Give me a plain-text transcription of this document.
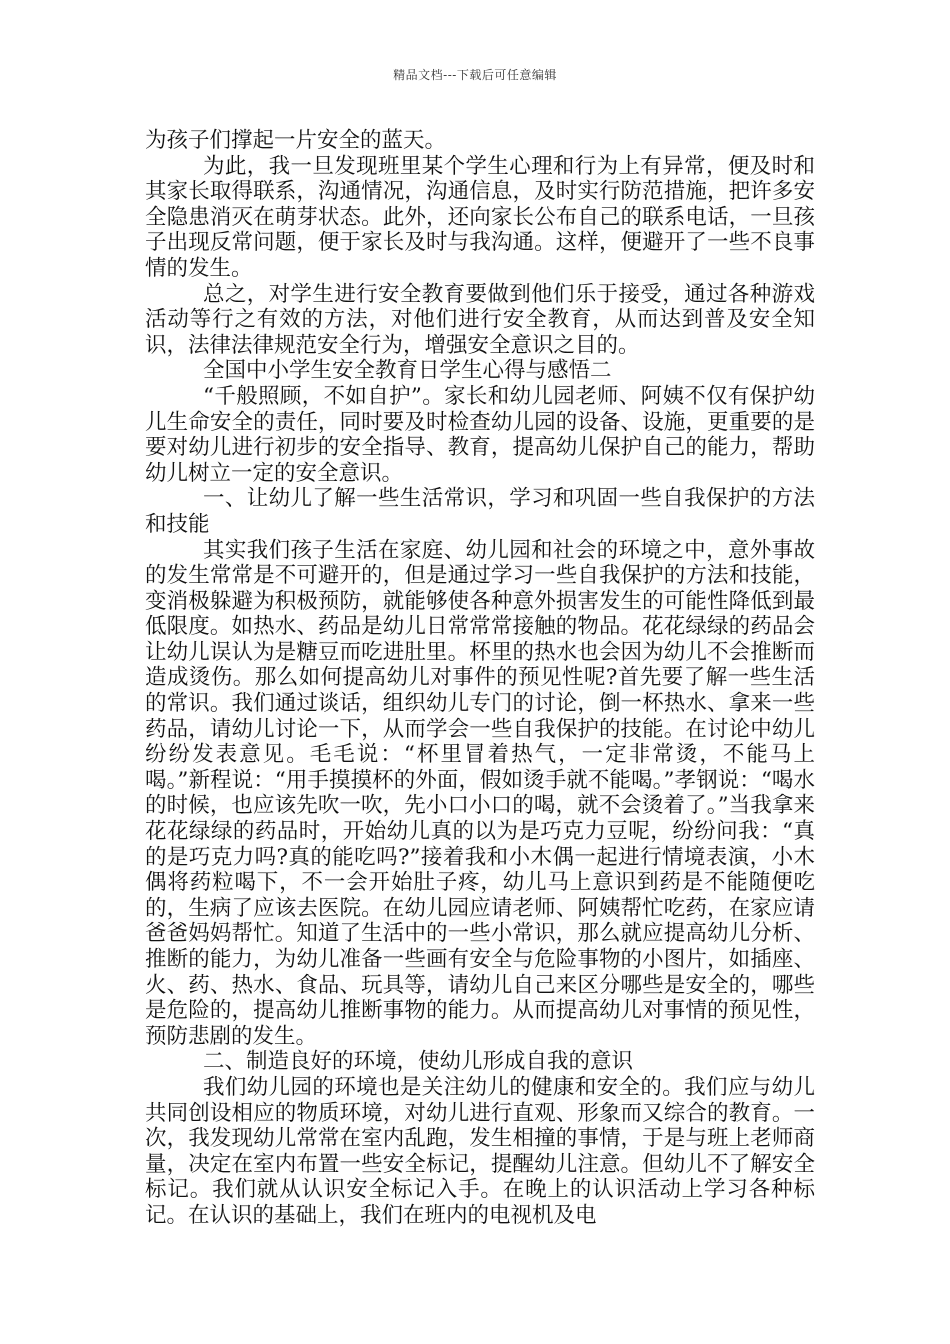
精品文档---下载后可任意编辑

为孩子们撑起一片安全的蓝天。

为此，我一旦发现班里某个学生心理和行为上有异常，便及时和其家长取得联系，沟通情况，沟通信息，及时实行防范措施，把许多安全隐患消灭在萌芽状态。此外，还向家长公布自己的联系电话，一旦孩子出现反常问题，便于家长及时与我沟通。这样，便避开了一些不良事情的发生。

总之，对学生进行安全教育要做到他们乐于接受，通过各种游戏活动等行之有效的方法，对他们进行安全教育，从而达到普及安全知识，法律法律规范安全行为，增强安全意识之目的。

全国中小学生安全教育日学生心得与感悟二

“千般照顾，不如自护”。家长和幼儿园老师、阿姨不仅有保护幼儿生命安全的责任，同时要及时检查幼儿园的设备、设施，更重要的是要对幼儿进行初步的安全指导、教育，提高幼儿保护自己的能力，帮助幼儿树立一定的安全意识。

一、让幼儿了解一些生活常识，学习和巩固一些自我保护的方法和技能

其实我们孩子生活在家庭、幼儿园和社会的环境之中，意外事故的发生常常是不可避开的，但是通过学习一些自我保护的方法和技能，变消极躲避为积极预防，就能够使各种意外损害发生的可能性降低到最低限度。如热水、药品是幼儿日常常常接触的物品。花花绿绿的药品会让幼儿误认为是糖豆而吃进肚里。杯里的热水也会因为幼儿不会推断而造成烫伤。那么如何提高幼儿对事件的预见性呢?首先要了解一些生活的常识。我们通过谈话，组织幼儿专门的讨论，倒一杯热水、拿来一些药品，请幼儿讨论一下，从而学会一些自我保护的技能。在讨论中幼儿纷纷发表意见。毛毛说：“杯里冒着热气，一定非常烫，不能马上喝。”新程说：“用手摸摸杯的外面，假如烫手就不能喝。”孝钢说：“喝水的时候，也应该先吹一吹，先小口小口的喝，就不会烫着了。”当我拿来花花绿绿的药品时，开始幼儿真的以为是巧克力豆呢，纷纷问我：“真的是巧克力吗?真的能吃吗?”接着我和小木偶一起进行情境表演，小木偶将药粒喝下，不一会开始肚子疼，幼儿马上意识到药是不能随便吃的，生病了应该去医院。在幼儿园应请老师、阿姨帮忙吃药，在家应请爸爸妈妈帮忙。知道了生活中的一些小常识，那么就应提高幼儿分析、推断的能力，为幼儿准备一些画有安全与危险事物的小图片，如插座、火、药、热水、食品、玩具等，请幼儿自己来区分哪些是安全的，哪些是危险的，提高幼儿推断事物的能力。从而提高幼儿对事情的预见性，预防悲剧的发生。

二、制造良好的环境，使幼儿形成自我的意识

我们幼儿园的环境也是关注幼儿的健康和安全的。我们应与幼儿共同创设相应的物质环境，对幼儿进行直观、形象而又综合的教育。一次，我发现幼儿常常在室内乱跑，发生相撞的事情，于是与班上老师商量，决定在室内布置一些安全标记，提醒幼儿注意。但幼儿不了解安全标记。我们就从认识安全标记入手。在晚上的认识活动上学习各种标记。在认识的基础上，我们在班内的电视机及电
